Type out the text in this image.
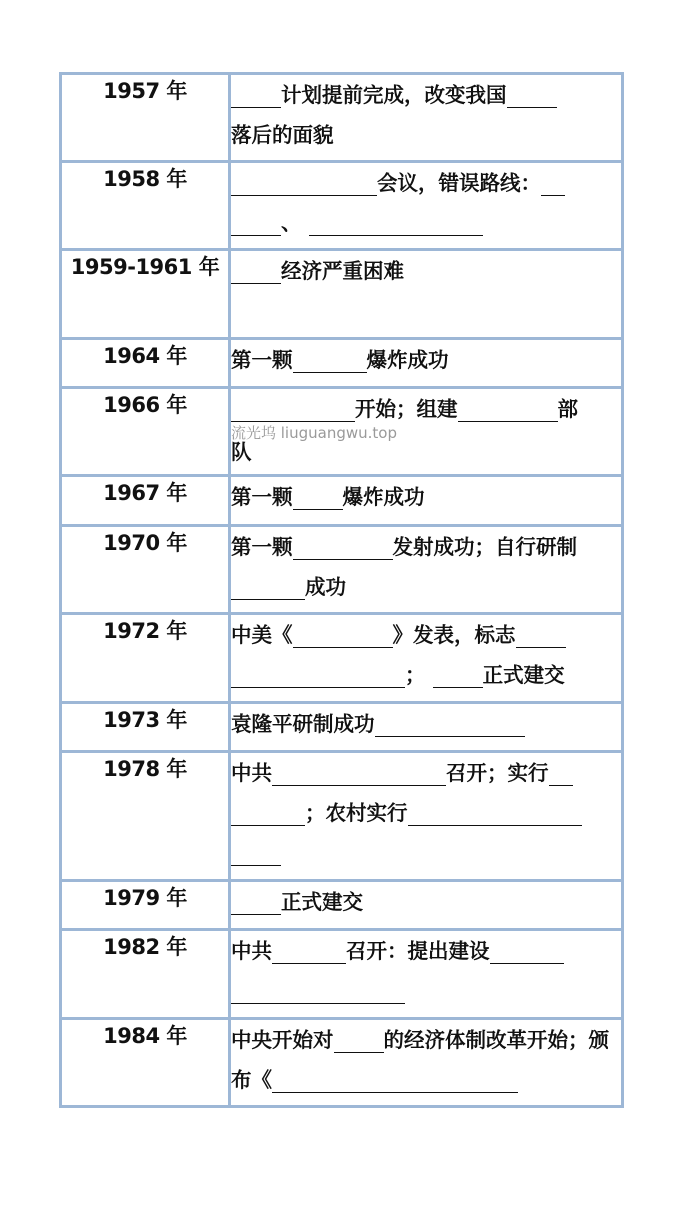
1957 年	计划提前完成，改变我国
落后的面貌
1958 年	会议，错误路线：
、
1959-1961 年	经济严重困难
1964 年	第一颗 爆炸成功
1966 年	开始；组建 部
流光坞 liuguangwu.top
队

1967 年	第一颗 爆炸成功
1970 年	第一颗 发射成功；自行研制成功
1972 年	中美《 》发表，标志
； 正式建交
1973 年	袁隆平研制成功
1978 年	中共 召开；实行
；农村实行

1979 年	正式建交
1982 年	中共 召开：提出建设

1984 年	中央开始对 的经济体制改革开始；颁布《
